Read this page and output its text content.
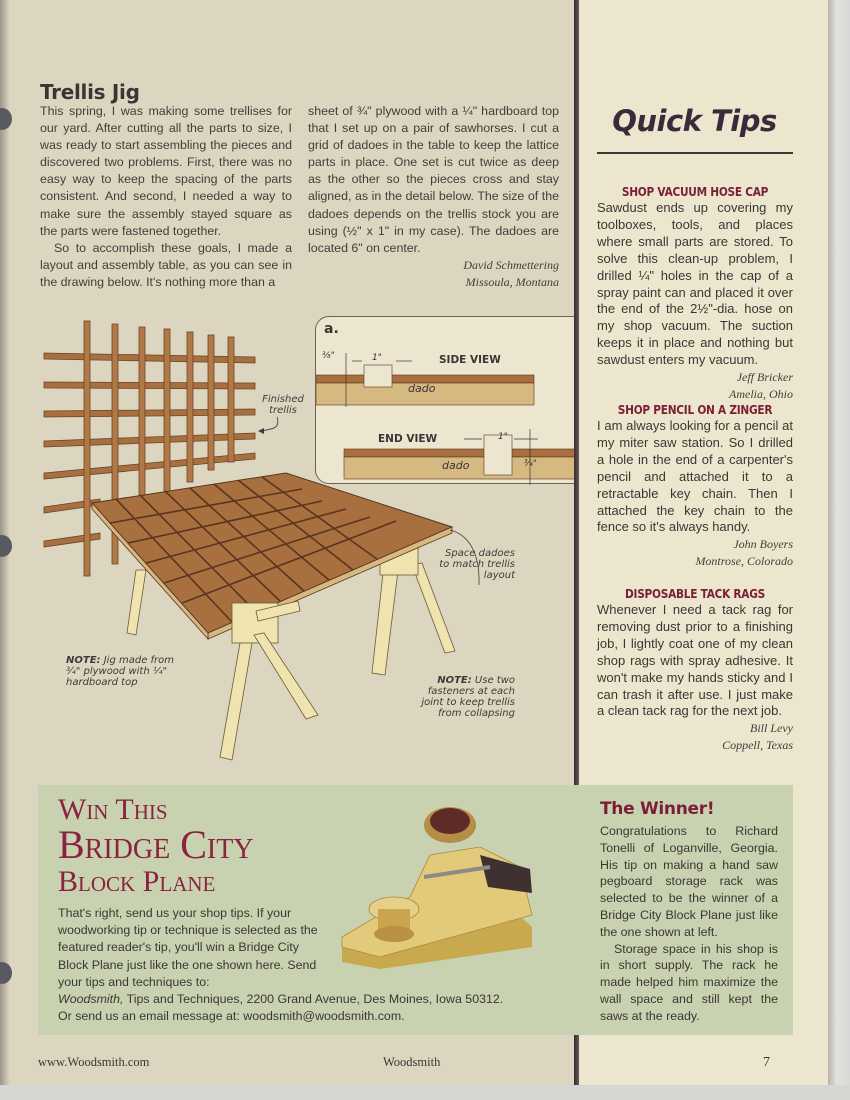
Trellis Jig

This spring, I was making some trellises for our yard. After cutting all the parts to size, I was ready to start assembling the pieces and discovered two problems. First, there was no easy way to keep the spacing of the parts consistent. And second, I needed a way to make sure the assembly stayed square as the parts were fastened together.

So to accomplish these goals, I made a layout and assembly table, as you can see in the drawing below. It's nothing more than a

sheet of ¾" plywood with a ¼" hardboard top that I set up on a pair of sawhorses. I cut a grid of dadoes in the table to keep the lattice parts in place. One set is cut twice as deep as the other so the pieces cross and stay aligned, as in the detail below. The size of the dadoes depends on the trellis stock you are using (½" x 1" in my case). The dadoes are located 6" on center.

David Schmettering
Missoula, Montana
Finished trellis
Space dadoes to match trellis layout
NOTE: Jig made from ¾" plywood with ¼" hardboard top	NOTE: Use two fasteners at each joint to keep trellis from collapsing
a.
SIDE VIEW
END VIEW
⅜"	1"
1"
¾"
dado
dado
Quick Tips
SHOP VACUUM HOSE CAP
Sawdust ends up covering my toolboxes, tools, and places where small parts are stored. To solve this clean-up problem, I drilled ¼" holes in the cap of a spray paint can and placed it over the end of the 2½"-dia. hose on my shop vacuum. The suction keeps it in place and nothing but sawdust enters my vacuum.
Jeff Bricker
Amelia, Ohio
SHOP PENCIL ON A ZINGER
I am always looking for a pencil at my miter saw station. So I drilled a hole in the end of a carpenter's pencil and attached it to a retractable key chain. Then I attached the key chain to the fence so it's always handy.
John Boyers
Montrose, Colorado
DISPOSABLE TACK RAGS
Whenever I need a tack rag for removing dust prior to a finishing job, I lightly coat one of my clean shop rags with spray adhesive. It won't make my hands sticky and I can trash it after use. I just make a clean tack rag for the next job.
Bill Levy
Coppell, Texas
Win This
Bridge City
Block Plane
That's right, send us your shop tips. If your woodworking tip or technique is selected as the featured reader's tip, you'll win a Bridge City Block Plane just like the one shown here. Send your tips and techniques to:
Woodsmith, Tips and Techniques, 2200 Grand Avenue, Des Moines, Iowa 50312.
Or send us an email message at: woodsmith@woodsmith.com.
The Winner!

Congratulations to Richard Tonelli of Loganville, Georgia. His tip on making a hand saw pegboard storage rack was selected to be the winner of a Bridge City Block Plane just like the one shown at left.

Storage space in his shop is in short supply. The rack he made helped him maximize the wall space and still kept the saws at the ready.

www.Woodsmith.com	Woodsmith	7
